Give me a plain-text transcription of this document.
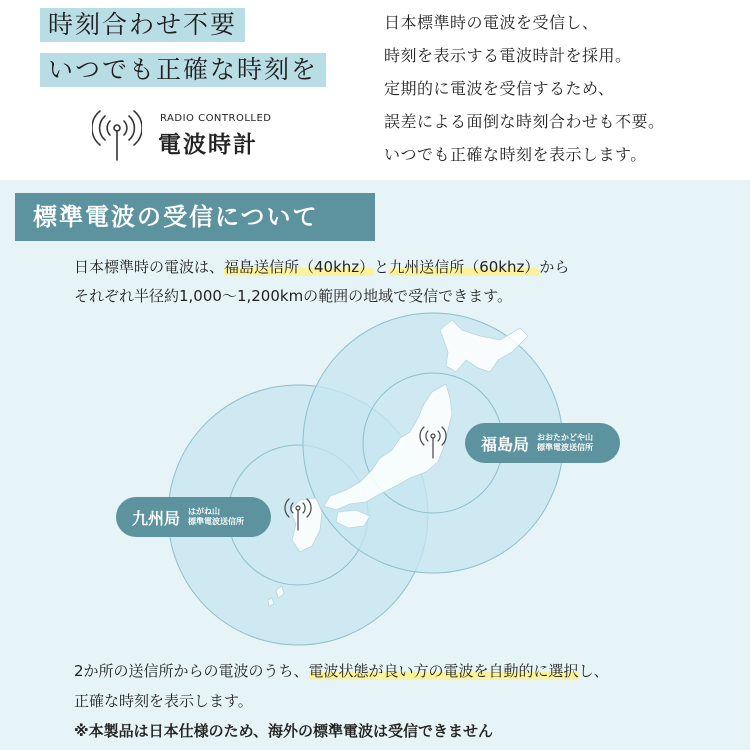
時刻合わせ不要
いつでも正確な時刻を
RADIO CONTROLLED
電波時計
日本標準時の電波を受信し、
時刻を表示する電波時計を採用。
定期的に電波を受信するため、
誤差による面倒な時刻合わせも不要。
いつでも正確な時刻を表示します。
標準電波の受信について
日本標準時の電波は、福島送信所（40khz）と九州送信所（60khz）から
それぞれ半径約1,000～1,200kmの範囲の地域で受信できます。
福島局 おおたかどや山
標準電波送信所
九州局 はがね山
標準電波送信所
2か所の送信所からの電波のうち、電波状態が良い方の電波を自動的に選択し、
正確な時刻を表示します。
※本製品は日本仕様のため、海外の標準電波は受信できません
